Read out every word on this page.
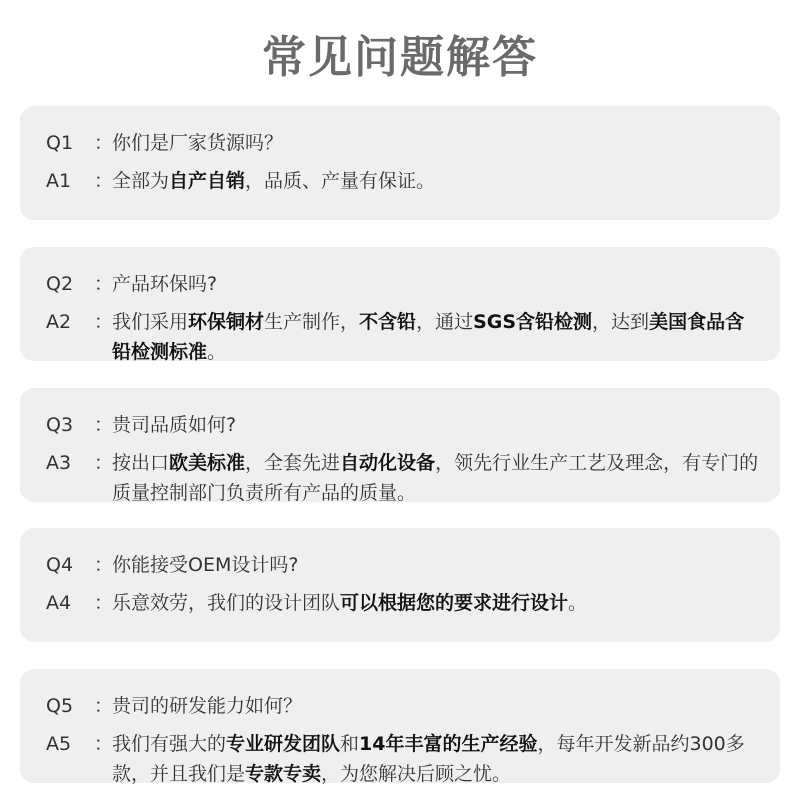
常见问题解答
Q1	：
你们是厂家货源吗？
A1	：
全部为自产自销，品质、产量有保证。
Q2	：
产品环保吗?
A2	：
我们采用环保铜材生产制作，不含铅，通过SGS含铅检测，达到美国食品含铅检测标准。
Q3	：
贵司品质如何?
A3	：
按出口欧美标准，全套先进自动化设备，领先行业生产工艺及理念，有专门的质量控制部门负责所有产品的质量。
Q4	：
你能接受OEM设计吗?
A4	：
乐意效劳，我们的设计团队可以根据您的要求进行设计。
Q5	：
贵司的研发能力如何？
A5	：
我们有强大的专业研发团队和14年丰富的生产经验，每年开发新品约300多款，并且我们是专款专卖，为您解决后顾之忧。
